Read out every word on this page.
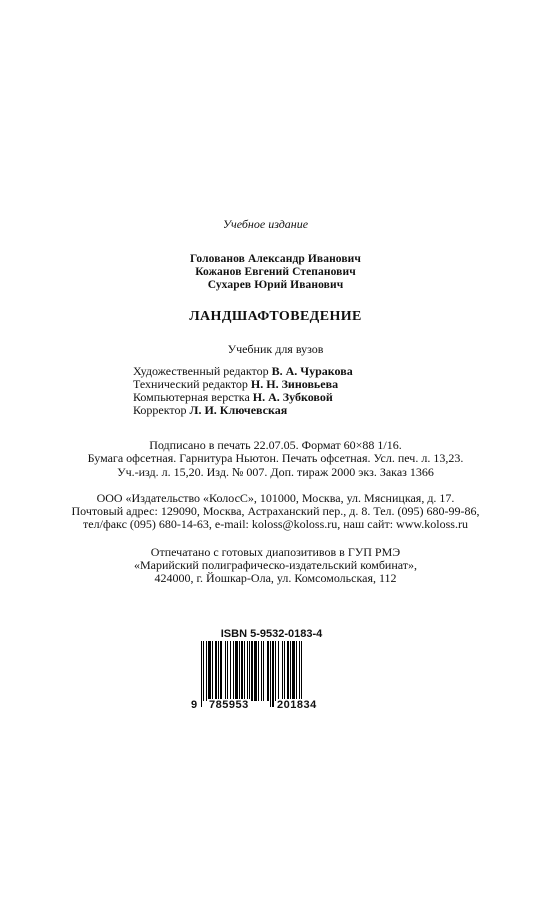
Учебное издание
Голованов Александр Иванович
Кожанов Евгений Степанович
Сухарев Юрий Иванович
ЛАНДШАФТОВЕДЕНИЕ
Учебник для вузов
Художественный редактор В. А. Чуракова
Технический редактор Н. Н. Зиновьева
Компьютерная верстка Н. А. Зубковой
Корректор Л. И. Ключевская
Подписано в печать 22.07.05. Формат 60×88 1/16.
Бумага офсетная. Гарнитура Ньютон. Печать офсетная. Усл. печ. л. 13,23.
Уч.-изд. л. 15,20. Изд. № 007. Доп. тираж 2000 экз. Заказ 1366
ООО «Издательство «КолосС», 101000, Москва, ул. Мясницкая, д. 17.
Почтовый адрес: 129090, Москва, Астраханский пер., д. 8. Тел. (095) 680-99-86,
тел/факс (095) 680-14-63, e-mail: koloss@koloss.ru, наш сайт: www.koloss.ru
Отпечатано с готовых диапозитивов в ГУП РМЭ
«Марийский полиграфическо-издательский комбинат»,
424000, г. Йошкар-Ола, ул. Комсомольская, 112
ISBN 5-9532-0183-4
9 785953	201834
